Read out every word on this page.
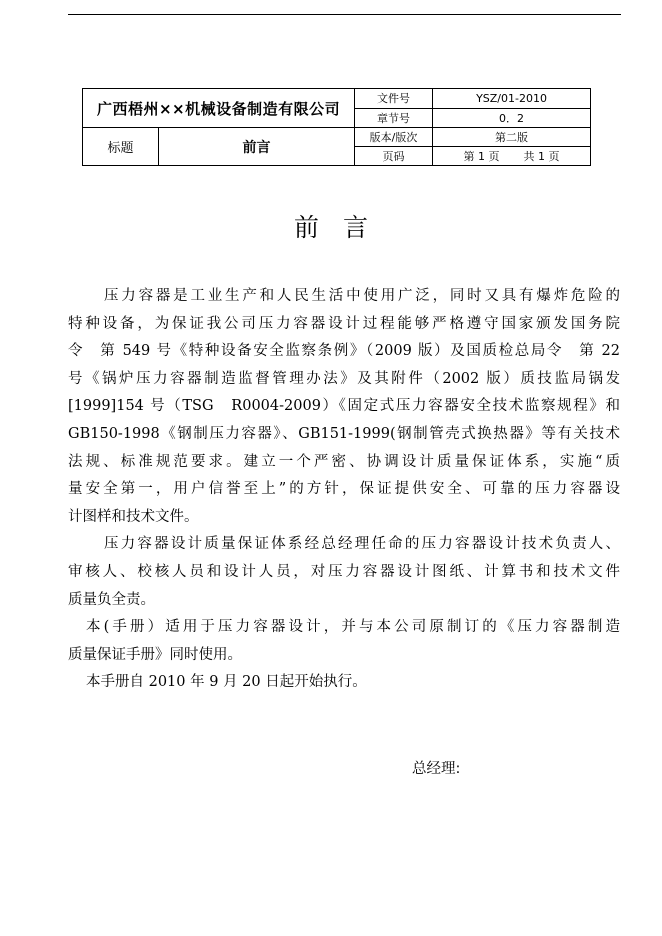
广西梧州××机械设备制造有限公司		文件号	YSZ/01-2010
		章节号	0．2
标题	前言	版本/版次	第二版
		页码	第 1 页 共 1 页
前言

压力容器是工业生产和人民生活中使用广泛，同时又具有爆炸危险的

特种设备，为保证我公司压力容器设计过程能够严格遵守国家颁发国务院

令　第 549 号《特种设备安全监察条例》（2009 版）及国质检总局令　第 22

号《锅炉压力容器制造监督管理办法》及其附件（2002 版）质技监局锅发

[1999]154 号（TSG　R0004-2009）《固定式压力容器安全技术监察规程》和

GB150-1998《钢制压力容器》、GB151-1999(钢制管壳式换热器》等有关技术

法规、标准规范要求。建立一个严密、协调设计质量保证体系，实施“质

量安全第一，用户信誉至上”的方针，保证提供安全、可靠的压力容器设

计图样和技术文件。

压力容器设计质量保证体系经总经理任命的压力容器设计技术负责人、

审核人、校核人员和设计人员，对压力容器设计图纸、计算书和技术文件

质量负全责。

本(手册）适用于压力容器设计，并与本公司原制订的《压力容器制造

质量保证手册》同时使用。

本手册自 2010 年 9 月 20 日起开始执行。

总经理:
